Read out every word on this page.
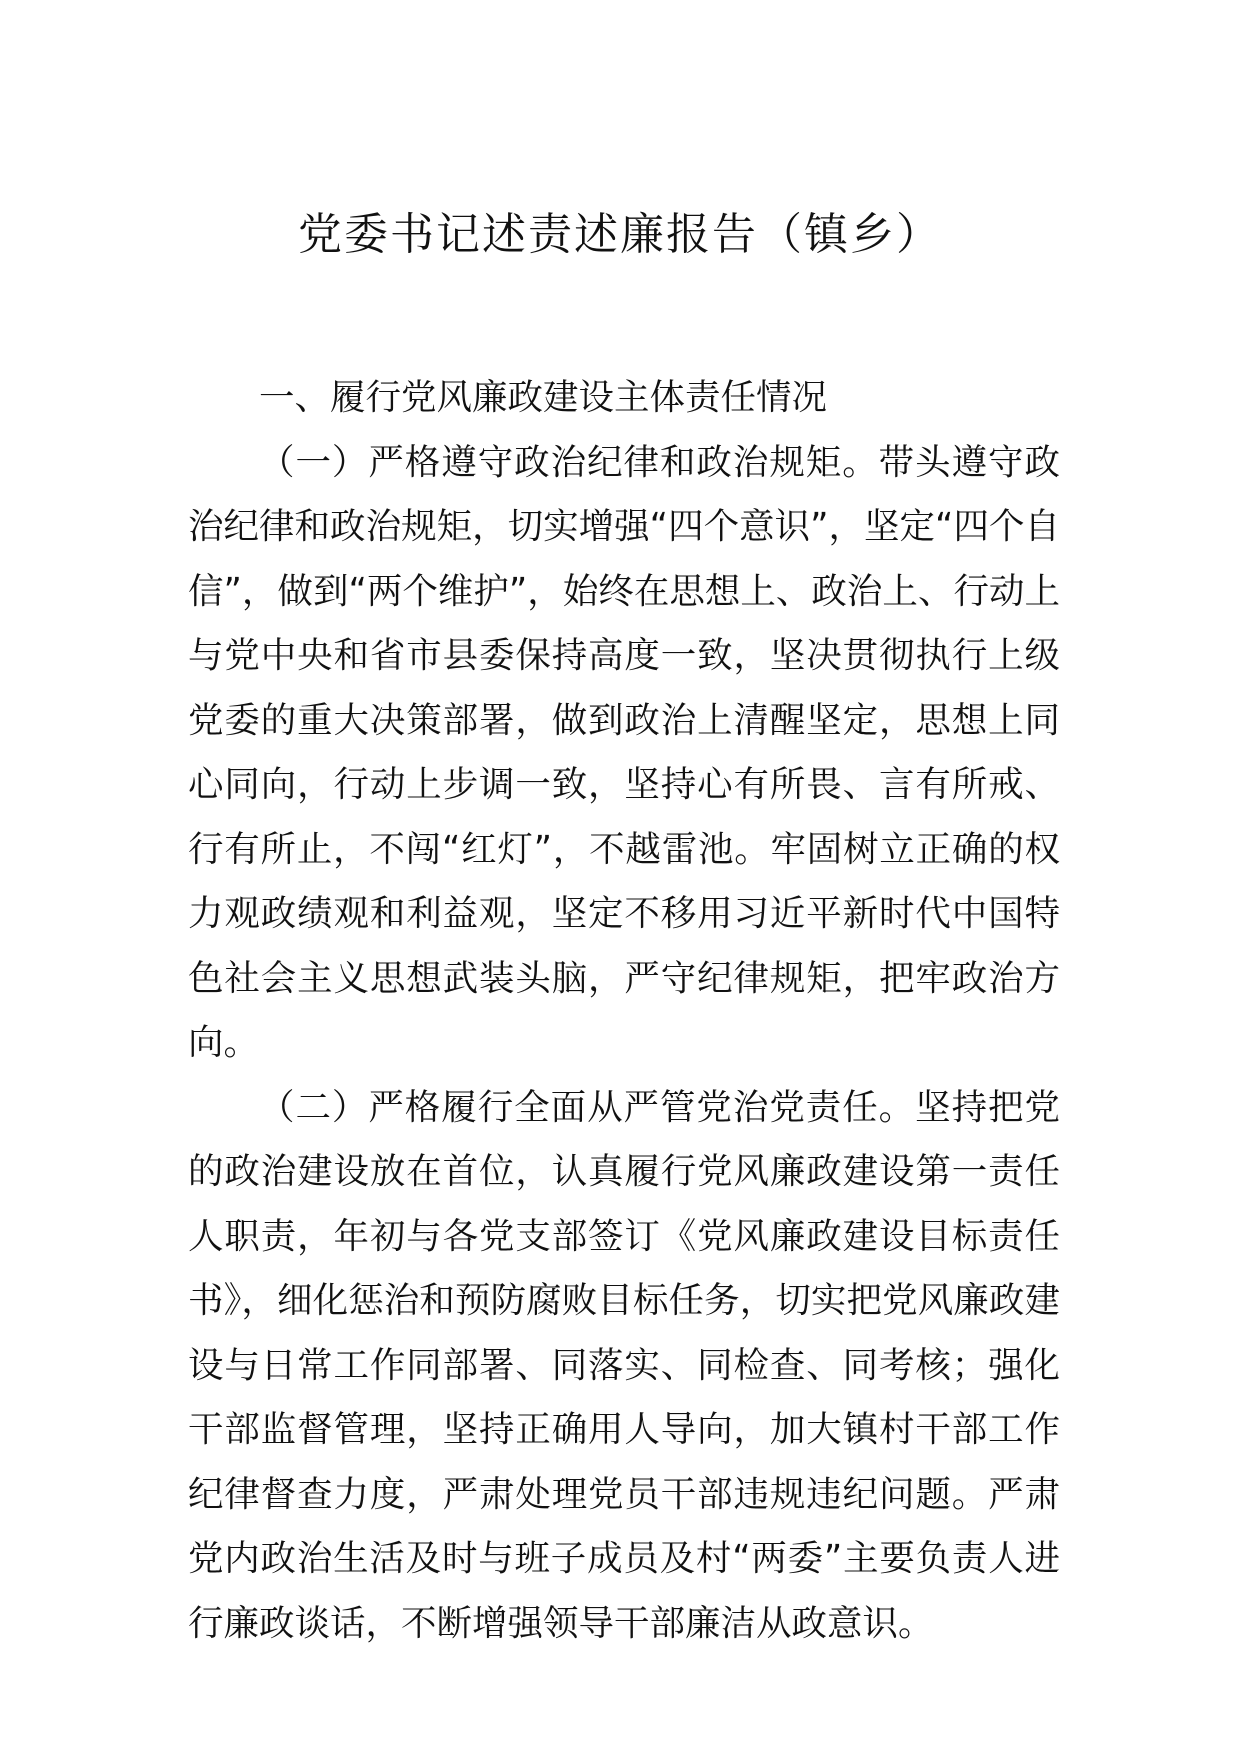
党委书记述责述廉报告（镇乡）

一、履行党风廉政建设主体责任情况

（一）严格遵守政治纪律和政治规矩。带头遵守政治纪律和政治规矩，切实增强“四个意识”，坚定“四个自信”，做到“两个维护”，始终在思想上、政治上、行动上与党中央和省市县委保持高度一致，坚决贯彻执行上级党委的重大决策部署，做到政治上清醒坚定，思想上同心同向，行动上步调一致，坚持心有所畏、言有所戒、行有所止，不闯“红灯”，不越雷池。牢固树立正确的权力观政绩观和利益观，坚定不移用习近平新时代中国特色社会主义思想武装头脑，严守纪律规矩，把牢政治方向。

（二）严格履行全面从严管党治党责任。坚持把党的政治建设放在首位，认真履行党风廉政建设第一责任人职责，年初与各党支部签订《党风廉政建设目标责任书》，细化惩治和预防腐败目标任务，切实把党风廉政建设与日常工作同部署、同落实、同检查、同考核；强化干部监督管理，坚持正确用人导向，加大镇村干部工作纪律督查力度，严肃处理党员干部违规违纪问题。严肃党内政治生活及时与班子成员及村“两委”主要负责人进行廉政谈话，不断增强领导干部廉洁从政意识。
